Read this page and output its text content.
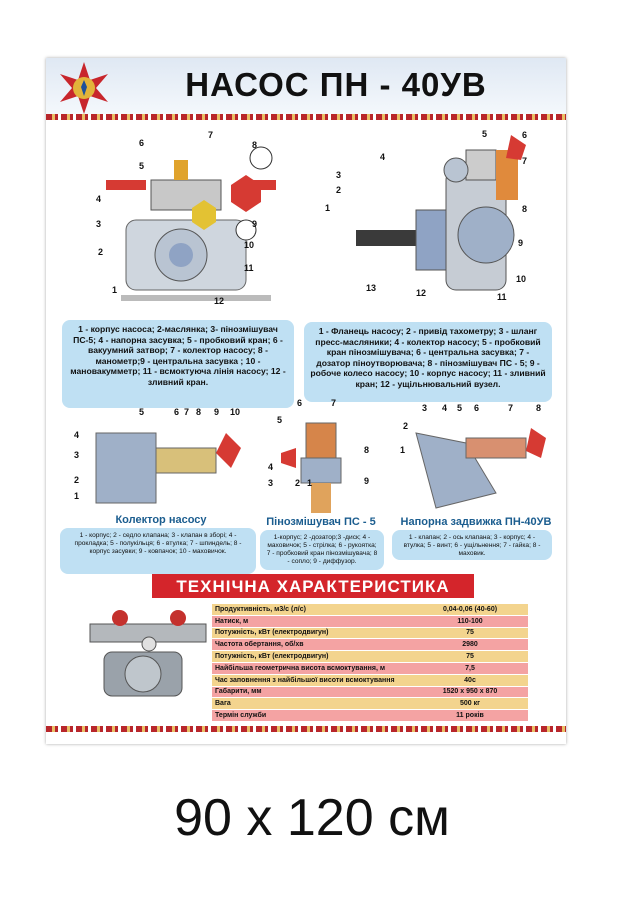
НАСОС ПН - 40УВ
1
2
3
4
5
6
7
8
9
10
11
12
1
2
3
4
5	6
7
8
9
10
11
12
13
1 - корпус насоса; 2-маслянка; 3- пінозмішувач ПС-5; 4 - напорна засувка; 5 - пробковий кран; 6 - вакуумний затвор; 7 - колектор насосу; 8 - манометр;9 - центральна засувка ; 10 - мановакумметр; 11 - всмоктуюча лінія насосу; 12 - зливний кран.
1 - Фланець насосу; 2 - привід тахометру; 3 - шланг пресс-масляники; 4 - колектор насосу; 5 - пробковий кран пінозмішувача; 6 - центральна засувка; 7 - дозатор піноутворювача; 8 - пінозмішувач ПС - 5; 9 - робоче колесо насосу; 10 - корпус насосу; 11 - зливний кран; 12 - ущільнювальний вузел.
1
2
3
4
5	6 7 8 9 10
Колектор насосу
1 - корпус; 2 - седло клапана; 3 - клапан в зборі; 4 - прокладка; 5 - полукільця; 6 - втулка; 7 - шпиндель; 8 - корпус засувки; 9 - ковпачок; 10 - маховичок.
1
2
3
4
5
6	7
8
9
Пінозмішувач ПС - 5
1-корпус; 2 -дозатор;3 -диск; 4 - маховичок; 5 - стрілка; 6 - рукоятка; 7 - пробковий кран пінозмішувача; 8 - сопло; 9 - диффузор.
1
2
3 4 5 6	7	8
Напорна задвижка ПН-40УВ
1 - клапан; 2 - ось клапана; 3 - корпус; 4 - втулка; 5 - винт; 6 - ущільнення; 7 - гайка; 8 - маховик.
ТЕХНІЧНА ХАРАКТЕРИСТИКА
Продуктивність, м3/с (л/с)	0,04-0,06 (40-60)
Натиск, м	110-100
Потужність, кВт (електродвигун)	75
Частота обертання, об/хв	2980
Потужність, кВт (електродвигун)	75
Найбільша геометрична висота всмоктування, м	7,5
Час заповнення з найбільшої висоти всмоктування	40с
Габарити, мм	1520 х 950 х 870
Вага	500 кг
Термін служби	11 років
90 х 120 см
